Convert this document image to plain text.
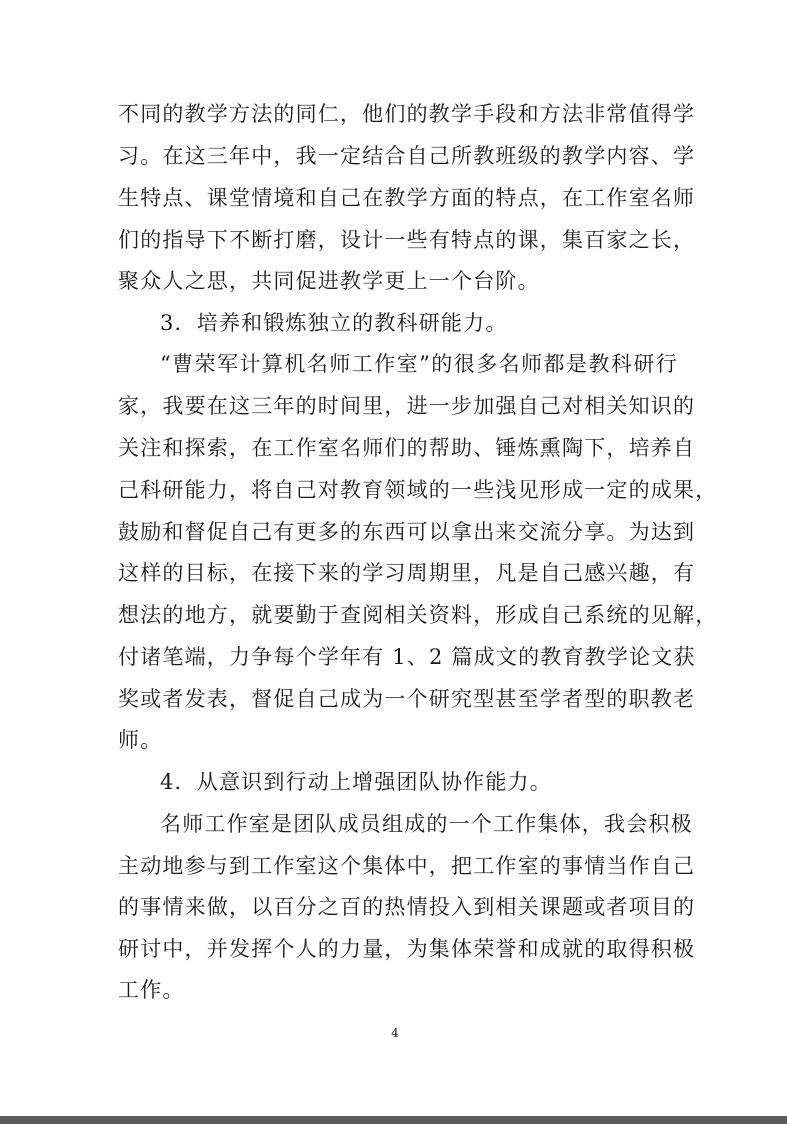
不同的教学方法的同仁，他们的教学手段和方法非常值得学
习。在这三年中，我一定结合自己所教班级的教学内容、学
生特点、课堂情境和自己在教学方面的特点，在工作室名师
们的指导下不断打磨，设计一些有特点的课，集百家之长，
聚众人之思，共同促进教学更上一个台阶。
3．培养和锻炼独立的教科研能力。
“曹荣军计算机名师工作室”的很多名师都是教科研行
家，我要在这三年的时间里，进一步加强自己对相关知识的
关注和探索，在工作室名师们的帮助、锤炼熏陶下，培养自
己科研能力，将自己对教育领域的一些浅见形成一定的成果，
鼓励和督促自己有更多的东西可以拿出来交流分享。为达到
这样的目标，在接下来的学习周期里，凡是自己感兴趣，有
想法的地方，就要勤于查阅相关资料，形成自己系统的见解，
付诸笔端，力争每个学年有 1、2 篇成文的教育教学论文获
奖或者发表，督促自己成为一个研究型甚至学者型的职教老
师。
4．从意识到行动上增强团队协作能力。
名师工作室是团队成员组成的一个工作集体，我会积极
主动地参与到工作室这个集体中，把工作室的事情当作自己
的事情来做，以百分之百的热情投入到相关课题或者项目的
研讨中，并发挥个人的力量，为集体荣誉和成就的取得积极
工作。
4
